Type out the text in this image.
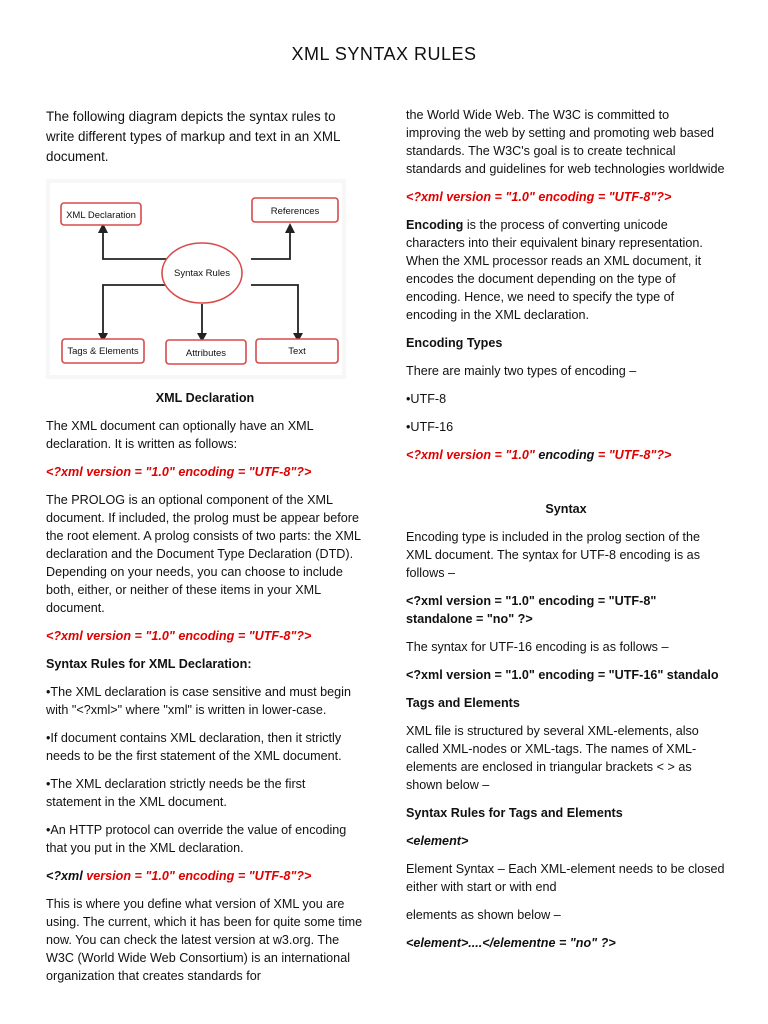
XML SYNTAX RULES

The following diagram depicts the syntax rules to write different types of markup and text in an XML document.

XML Declaration	References
Syntax Rules
Tags & Elements	Attributes	Text

XML Declaration

The XML document can optionally have an XML declaration. It is written as follows:

<?xml version = "1.0" encoding = "UTF-8"?>

The PROLOG is an optional component of the XML document. If included, the prolog must be appear before the root element. A prolog consists of two parts: the XML declaration and the Document Type Declaration (DTD). Depending on your needs, you can choose to include both, either, or neither of these items in your XML document.

<?xml version = "1.0" encoding = "UTF-8"?>

Syntax Rules for XML Declaration:

•The XML declaration is case sensitive and must begin with "<?xml>" where "xml" is written in lower-case.

•If document contains XML declaration, then it strictly needs to be the first statement of the XML document.

•The XML declaration strictly needs be the first statement in the XML document.

•An HTTP protocol can override the value of encoding that you put in the XML declaration.

<?xml version = "1.0" encoding = "UTF-8"?>

This is where you define what version of XML you are using. The current, which it has been for quite some time now. You can check the latest version at w3.org. The W3C (World Wide Web Consortium) is an international organization that creates standards for

the World Wide Web. The W3C is committed to improving the web by setting and promoting web based standards. The W3C's goal is to create technical standards and guidelines for web technologies worldwide

<?xml version = "1.0" encoding = "UTF-8"?>

Encoding is the process of converting unicode characters into their equivalent binary representation. When the XML processor reads an XML document, it encodes the document depending on the type of encoding. Hence, we need to specify the type of encoding in the XML declaration.

Encoding Types

There are mainly two types of encoding –

•UTF-8

•UTF-16

<?xml version = "1.0" encoding = "UTF-8"?>

Syntax

Encoding type is included in the prolog section of the XML document. The syntax for UTF-8 encoding is as follows –

<?xml version = "1.0" encoding = "UTF-8" standalone = "no" ?>

The syntax for UTF-16 encoding is as follows –

<?xml version = "1.0" encoding = "UTF-16" standalo

Tags and Elements

XML file is structured by several XML-elements, also called XML-nodes or XML-tags. The names of XML-elements are enclosed in triangular brackets < > as shown below –

Syntax Rules for Tags and Elements

<element>

Element Syntax – Each XML-element needs to be closed either with start or with end

elements as shown below –

<element>....</elementne = "no" ?>
